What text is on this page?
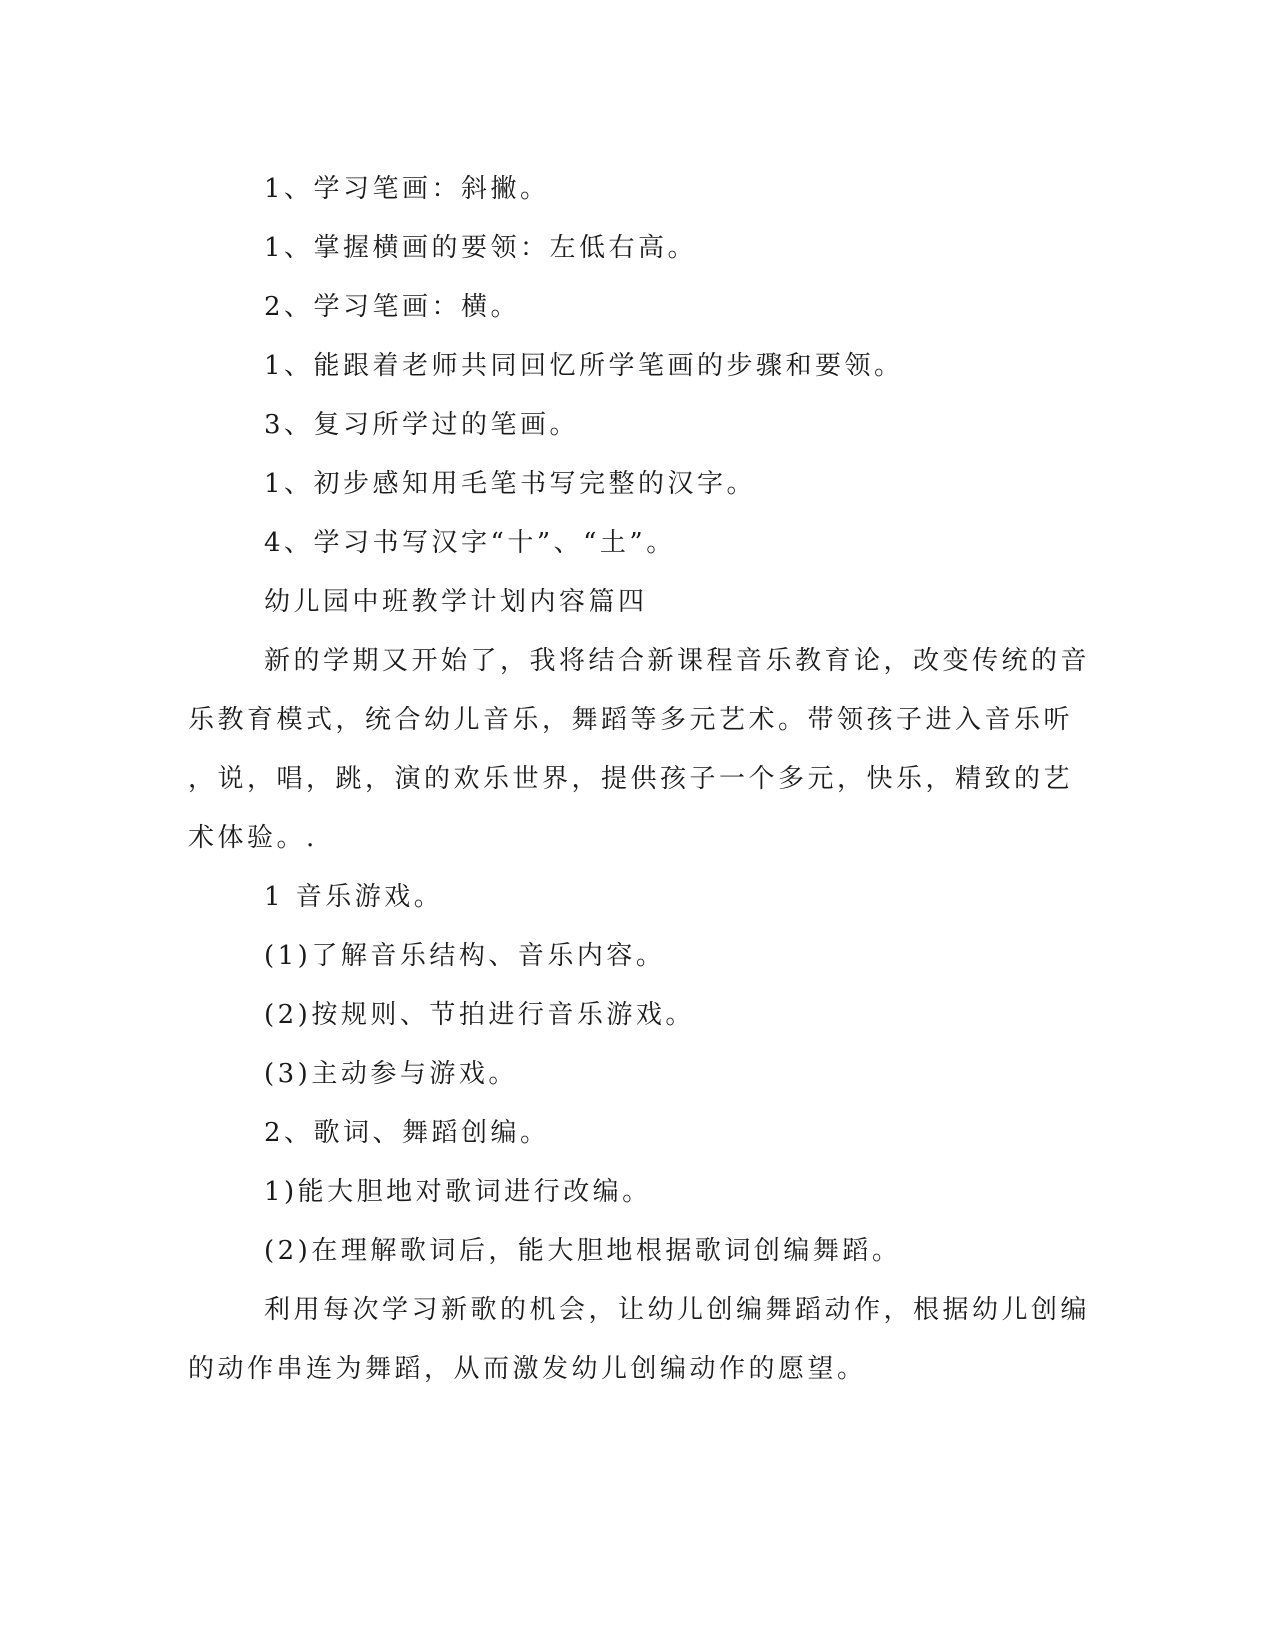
1、学习笔画：斜撇。
1、掌握横画的要领：左低右高。
2、学习笔画：横。
1、能跟着老师共同回忆所学笔画的步骤和要领。
3、复习所学过的笔画。
1、初步感知用毛笔书写完整的汉字。
4、学习书写汉字“十”、“土”。
幼儿园中班教学计划内容篇四
新的学期又开始了，我将结合新课程音乐教育论，改变传统的音
乐教育模式，统合幼儿音乐，舞蹈等多元艺术。带领孩子进入音乐听
，说，唱，跳，演的欢乐世界，提供孩子一个多元，快乐，精致的艺
术体验。.
1 音乐游戏。
(1)了解音乐结构、音乐内容。
(2)按规则、节拍进行音乐游戏。
(3)主动参与游戏。
2、歌词、舞蹈创编。
1)能大胆地对歌词进行改编。
(2)在理解歌词后，能大胆地根据歌词创编舞蹈。
利用每次学习新歌的机会，让幼儿创编舞蹈动作，根据幼儿创编
的动作串连为舞蹈，从而激发幼儿创编动作的愿望。
